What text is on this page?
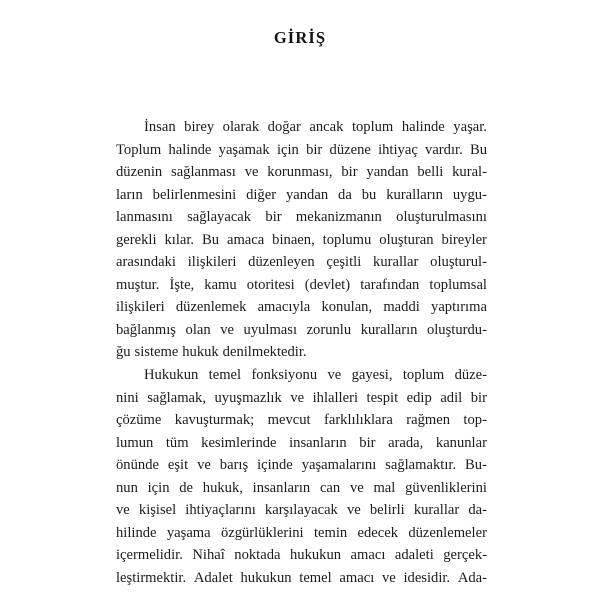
GİRİŞ
İnsan birey olarak doğar ancak toplum halinde yaşar.
Toplum halinde yaşamak için bir düzene ihtiyaç vardır. Bu
düzenin sağlanması ve korunması, bir yandan belli kural-
ların belirlenmesini diğer yandan da bu kuralların uygu-
lanmasını sağlayacak bir mekanizmanın oluşturulmasını
gerekli kılar. Bu amaca binaen, toplumu oluşturan bireyler
arasındaki ilişkileri düzenleyen çeşitli kurallar oluşturul-
muştur. İşte, kamu otoritesi (devlet) tarafından toplumsal
ilişkileri düzenlemek amacıyla konulan, maddi yaptırıma
bağlanmış olan ve uyulması zorunlu kuralların oluşturdu-
ğu sisteme hukuk denilmektedir.
Hukukun temel fonksiyonu ve gayesi, toplum düze-
nini sağlamak, uyuşmazlık ve ihlalleri tespit edip adil bir
çözüme kavuşturmak; mevcut farklılıklara rağmen top-
lumun tüm kesimlerinde insanların bir arada, kanunlar
önünde eşit ve barış içinde yaşamalarını sağlamaktır. Bu-
nun için de hukuk, insanların can ve mal güvenliklerini
ve kişisel ihtiyaçlarını karşılayacak ve belirli kurallar da-
hilinde yaşama özgürlüklerini temin edecek düzenlemeler
içermelidir. Nihaî noktada hukukun amacı adaleti gerçek-
leştirmektir. Adalet hukukun temel amacı ve idesidir. Ada-
